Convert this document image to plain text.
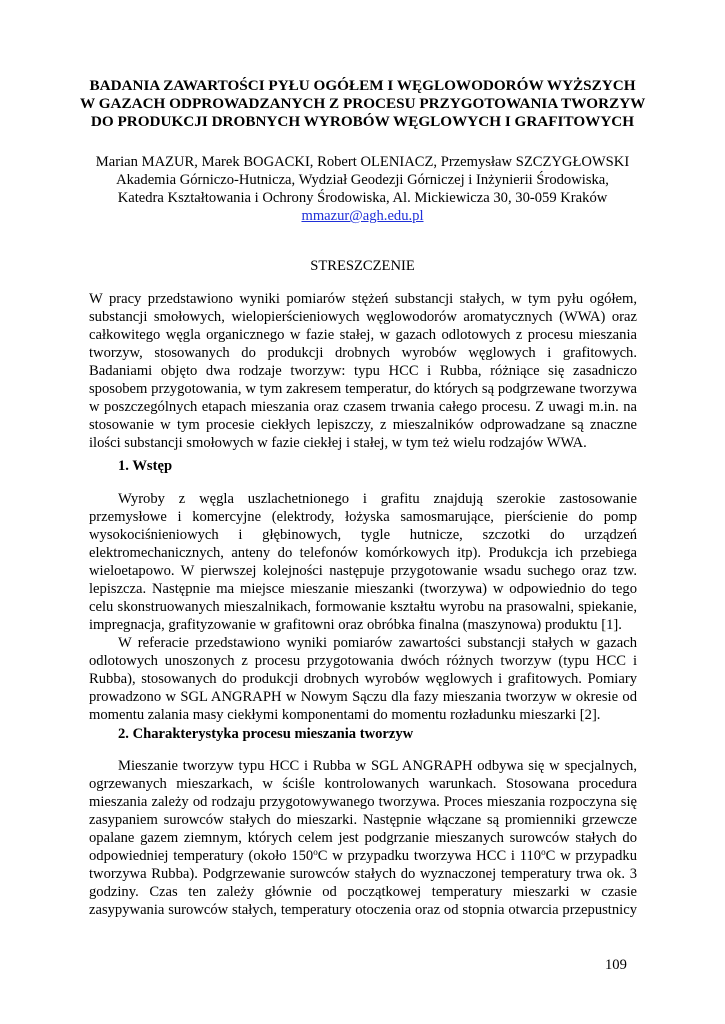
BADANIA ZAWARTOŚCI PYŁU OGÓŁEM I WĘGLOWODORÓW WYŻSZYCH
W GAZACH ODPROWADZANYCH Z PROCESU PRZYGOTOWANIA TWORZYW
DO PRODUKCJI DROBNYCH WYROBÓW WĘGLOWYCH I GRAFITOWYCH
Marian MAZUR, Marek BOGACKI, Robert OLENIACZ, Przemysław SZCZYGŁOWSKI
Akademia Górniczo-Hutnicza, Wydział Geodezji Górniczej i Inżynierii Środowiska,
Katedra Kształtowania i Ochrony Środowiska, Al. Mickiewicza 30, 30-059 Kraków
mmazur@agh.edu.pl
STRESZCZENIE

W pracy przedstawiono wyniki pomiarów stężeń substancji stałych, w tym pyłu ogółem,

substancji smołowych, wielopierścieniowych węglowodorów aromatycznych (WWA) oraz

całkowitego węgla organicznego w fazie stałej, w gazach odlotowych z procesu mieszania

tworzyw, stosowanych do produkcji drobnych wyrobów węglowych i grafitowych.

Badaniami objęto dwa rodzaje tworzyw: typu HCC i Rubba, różniące się zasadniczo

sposobem przygotowania, w tym zakresem temperatur, do których są podgrzewane tworzywa

w poszczególnych etapach mieszania oraz czasem trwania całego procesu. Z uwagi m.in. na

stosowanie w tym procesie ciekłych lepiszczy, z mieszalników odprowadzane są znaczne

ilości substancji smołowych w fazie ciekłej i stałej, w tym też wielu rodzajów WWA.

1. Wstęp

Wyroby z węgla uszlachetnionego i grafitu znajdują szerokie zastosowanie

przemysłowe i komercyjne (elektrody, łożyska samosmarujące, pierścienie do pomp

wysokociśnieniowych i głębinowych, tygle hutnicze, szczotki do urządzeń

elektromechanicznych, anteny do telefonów komórkowych itp). Produkcja ich przebiega

wieloetapowo. W pierwszej kolejności następuje przygotowanie wsadu suchego oraz tzw.

lepiszcza. Następnie ma miejsce mieszanie mieszanki (tworzywa) w odpowiednio do tego

celu skonstruowanych mieszalnikach, formowanie kształtu wyrobu na prasowalni, spiekanie,

impregnacja, grafityzowanie w grafitowni oraz obróbka finalna (maszynowa) produktu [1].

W referacie przedstawiono wyniki pomiarów zawartości substancji stałych w gazach

odlotowych unoszonych z procesu przygotowania dwóch różnych tworzyw (typu HCC i

Rubba), stosowanych do produkcji drobnych wyrobów węglowych i grafitowych. Pomiary

prowadzono w SGL ANGRAPH w Nowym Sączu dla fazy mieszania tworzyw w okresie od

momentu zalania masy ciekłymi komponentami do momentu rozładunku mieszarki [2].

2. Charakterystyka procesu mieszania tworzyw

Mieszanie tworzyw typu HCC i Rubba w SGL ANGRAPH odbywa się w specjalnych,

ogrzewanych mieszarkach, w ściśle kontrolowanych warunkach. Stosowana procedura

mieszania zależy od rodzaju przygotowywanego tworzywa. Proces mieszania rozpoczyna się

zasypaniem surowców stałych do mieszarki. Następnie włączane są promienniki grzewcze

opalane gazem ziemnym, których celem jest podgrzanie mieszanych surowców stałych do

odpowiedniej temperatury (około 150$^o$C w przypadku tworzywa HCC i 110$^o$C w przypadku

tworzywa Rubba). Podgrzewanie surowców stałych do wyznaczonej temperatury trwa ok. 3

godziny. Czas ten zależy głównie od początkowej temperatury mieszarki w czasie

zasypywania surowców stałych, temperatury otoczenia oraz od stopnia otwarcia przepustnicy

109
